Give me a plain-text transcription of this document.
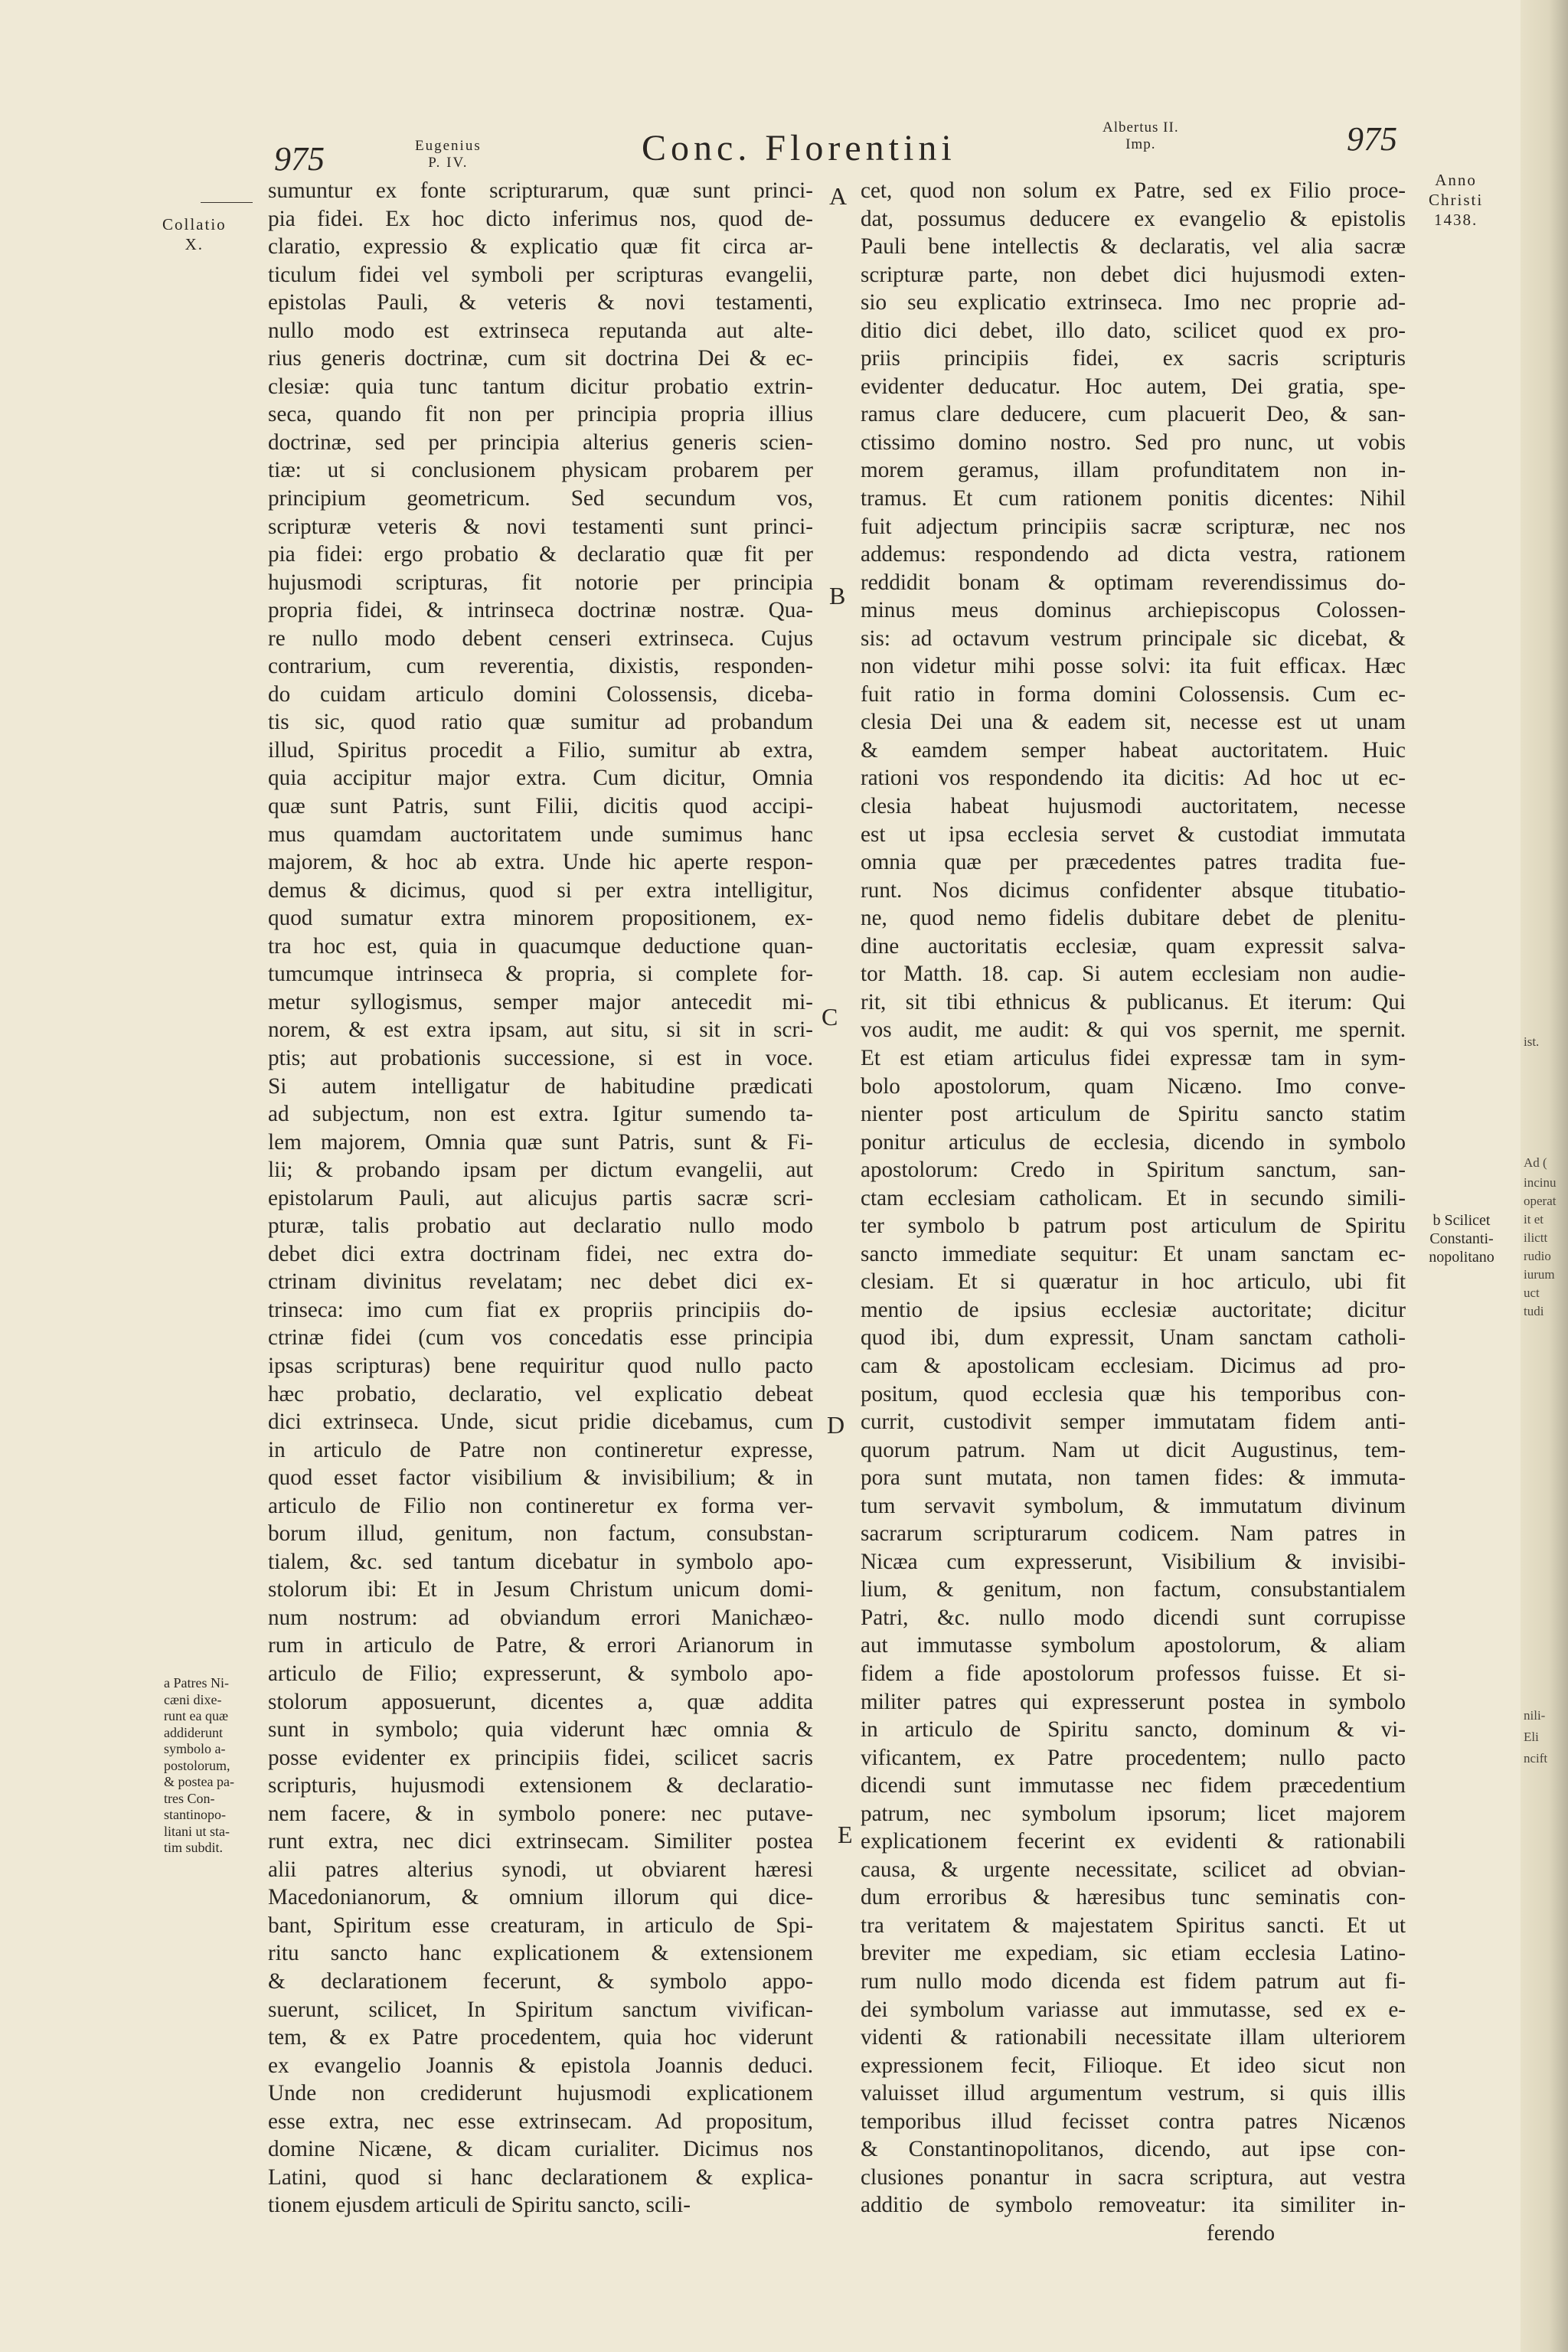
ist.
Ad (
incinu
operat
it et
ilictt
rudio
iurum
uct
tudi
nili-
Eli
ncift
975	Eugenius
P. IV.	Conc. Florentini
Albertus II.
Imp.	975
Anno
Christi
1438.
Collatio
X.
A
B
C
D
E
sumuntur ex fonte scripturarum, quæ sunt princi-
pia fidei. Ex hoc dicto inferimus nos, quod de-
claratio, expressio & explicatio quæ fit circa ar-
ticulum fidei vel symboli per scripturas evangelii,
epistolas Pauli, & veteris & novi testamenti,
nullo modo est extrinseca reputanda aut alte-
rius generis doctrinæ, cum sit doctrina Dei & ec-
clesiæ: quia tunc tantum dicitur probatio extrin-
seca, quando fit non per principia propria illius
doctrinæ, sed per principia alterius generis scien-
tiæ: ut si conclusionem physicam probarem per
principium geometricum. Sed secundum vos,
scripturæ veteris & novi testamenti sunt princi-
pia fidei: ergo probatio & declaratio quæ fit per
hujusmodi scripturas, fit notorie per principia
propria fidei, & intrinseca doctrinæ nostræ. Qua-
re nullo modo debent censeri extrinseca. Cujus
contrarium, cum reverentia, dixistis, responden-
do cuidam articulo domini Colossensis, diceba-
tis sic, quod ratio quæ sumitur ad probandum
illud, Spiritus procedit a Filio, sumitur ab extra,
quia accipitur major extra. Cum dicitur, Omnia
quæ sunt Patris, sunt Filii, dicitis quod accipi-
mus quamdam auctoritatem unde sumimus hanc
majorem, & hoc ab extra. Unde hic aperte respon-
demus & dicimus, quod si per extra intelligitur,
quod sumatur extra minorem propositionem, ex-
tra hoc est, quia in quacumque deductione quan-
tumcumque intrinseca & propria, si complete for-
metur syllogismus, semper major antecedit mi-
norem, & est extra ipsam, aut situ, si sit in scri-
ptis; aut probationis successione, si est in voce.
Si autem intelligatur de habitudine prædicati
ad subjectum, non est extra. Igitur sumendo ta-
lem majorem, Omnia quæ sunt Patris, sunt & Fi-
lii; & probando ipsam per dictum evangelii, aut
epistolarum Pauli, aut alicujus partis sacræ scri-
pturæ, talis probatio aut declaratio nullo modo
debet dici extra doctrinam fidei, nec extra do-
ctrinam divinitus revelatam; nec debet dici ex-
trinseca: imo cum fiat ex propriis principiis do-
ctrinæ fidei (cum vos concedatis esse principia
ipsas scripturas) bene requiritur quod nullo pacto
hæc probatio, declaratio, vel explicatio debeat
dici extrinseca. Unde, sicut pridie dicebamus, cum
in articulo de Patre non contineretur expresse,
quod esset factor visibilium & invisibilium; & in
articulo de Filio non contineretur ex forma ver-
borum illud, genitum, non factum, consubstan-
tialem, &c. sed tantum dicebatur in symbolo apo-
stolorum ibi: Et in Jesum Christum unicum domi-
num nostrum: ad obviandum errori Manichæo-
rum in articulo de Patre, & errori Arianorum in
articulo de Filio; expresserunt, & symbolo apo-
stolorum apposuerunt, dicentes a, quæ addita
sunt in symbolo; quia viderunt hæc omnia &
posse evidenter ex principiis fidei, scilicet sacris
scripturis, hujusmodi extensionem & declaratio-
nem facere, & in symbolo ponere: nec putave-
runt extra, nec dici extrinsecam. Similiter postea
alii patres alterius synodi, ut obviarent hæresi
Macedonianorum, & omnium illorum qui dice-
bant, Spiritum esse creaturam, in articulo de Spi-
ritu sancto hanc explicationem & extensionem
& declarationem fecerunt, & symbolo appo-
suerunt, scilicet, In Spiritum sanctum vivifican-
tem, & ex Patre procedentem, quia hoc viderunt
ex evangelio Joannis & epistola Joannis deduci.
Unde non crediderunt hujusmodi explicationem
esse extra, nec esse extrinsecam. Ad propositum,
domine Nicæne, & dicam curialiter. Dicimus nos
Latini, quod si hanc declarationem & explica-
tionem ejusdem articuli de Spiritu sancto, scili-
cet, quod non solum ex Patre, sed ex Filio proce-
dat, possumus deducere ex evangelio & epistolis
Pauli bene intellectis & declaratis, vel alia sacræ
scripturæ parte, non debet dici hujusmodi exten-
sio seu explicatio extrinseca. Imo nec proprie ad-
ditio dici debet, illo dato, scilicet quod ex pro-
priis principiis fidei, ex sacris scripturis
evidenter deducatur. Hoc autem, Dei gratia, spe-
ramus clare deducere, cum placuerit Deo, & san-
ctissimo domino nostro. Sed pro nunc, ut vobis
morem geramus, illam profunditatem non in-
tramus. Et cum rationem ponitis dicentes: Nihil
fuit adjectum principiis sacræ scripturæ, nec nos
addemus: respondendo ad dicta vestra, rationem
reddidit bonam & optimam reverendissimus do-
minus meus dominus archiepiscopus Colossen-
sis: ad octavum vestrum principale sic dicebat, &
non videtur mihi posse solvi: ita fuit efficax. Hæc
fuit ratio in forma domini Colossensis. Cum ec-
clesia Dei una & eadem sit, necesse est ut unam
& eamdem semper habeat auctoritatem. Huic
rationi vos respondendo ita dicitis: Ad hoc ut ec-
clesia habeat hujusmodi auctoritatem, necesse
est ut ipsa ecclesia servet & custodiat immutata
omnia quæ per præcedentes patres tradita fue-
runt. Nos dicimus confidenter absque titubatio-
ne, quod nemo fidelis dubitare debet de plenitu-
dine auctoritatis ecclesiæ, quam expressit salva-
tor Matth. 18. cap. Si autem ecclesiam non audie-
rit, sit tibi ethnicus & publicanus. Et iterum: Qui
vos audit, me audit: & qui vos spernit, me spernit.
Et est etiam articulus fidei expressæ tam in sym-
bolo apostolorum, quam Nicæno. Imo conve-
nienter post articulum de Spiritu sancto statim
ponitur articulus de ecclesia, dicendo in symbolo
apostolorum: Credo in Spiritum sanctum, san-
ctam ecclesiam catholicam. Et in secundo simili-
ter symbolo b patrum post articulum de Spiritu
sancto immediate sequitur: Et unam sanctam ec-
clesiam. Et si quæratur in hoc articulo, ubi fit
mentio de ipsius ecclesiæ auctoritate; dicitur
quod ibi, dum expressit, Unam sanctam catholi-
cam & apostolicam ecclesiam. Dicimus ad pro-
positum, quod ecclesia quæ his temporibus con-
currit, custodivit semper immutatam fidem anti-
quorum patrum. Nam ut dicit Augustinus, tem-
pora sunt mutata, non tamen fides: & immuta-
tum servavit symbolum, & immutatum divinum
sacrarum scripturarum codicem. Nam patres in
Nicæa cum expresserunt, Visibilium & invisibi-
lium, & genitum, non factum, consubstantialem
Patri, &c. nullo modo dicendi sunt corrupisse
aut immutasse symbolum apostolorum, & aliam
fidem a fide apostolorum professos fuisse. Et si-
militer patres qui expresserunt postea in symbolo
in articulo de Spiritu sancto, dominum & vi-
vificantem, ex Patre procedentem; nullo pacto
dicendi sunt immutasse nec fidem præcedentium
patrum, nec symbolum ipsorum; licet majorem
explicationem fecerint ex evidenti & rationabili
causa, & urgente necessitate, scilicet ad obvian-
dum erroribus & hæresibus tunc seminatis con-
tra veritatem & majestatem Spiritus sancti. Et ut
breviter me expediam, sic etiam ecclesia Latino-
rum nullo modo dicenda est fidem patrum aut fi-
dei symbolum variasse aut immutasse, sed ex e-
videnti & rationabili necessitate illam ulteriorem
expressionem fecit, Filioque. Et ideo sicut non
valuisset illud argumentum vestrum, si quis illis
temporibus illud fecisset contra patres Nicænos
& Constantinopolitanos, dicendo, aut ipse con-
clusiones ponantur in sacra scriptura, aut vestra
additio de symbolo removeatur: ita similiter in-
ferendo
a Patres Ni-
cæni dixe-
runt ea quæ
addiderunt
symbolo a-
postolorum,
& postea pa-
tres Con-
stantinopo-
litani ut sta-
tim subdit.
b Scilicet
Constanti-
nopolitano
